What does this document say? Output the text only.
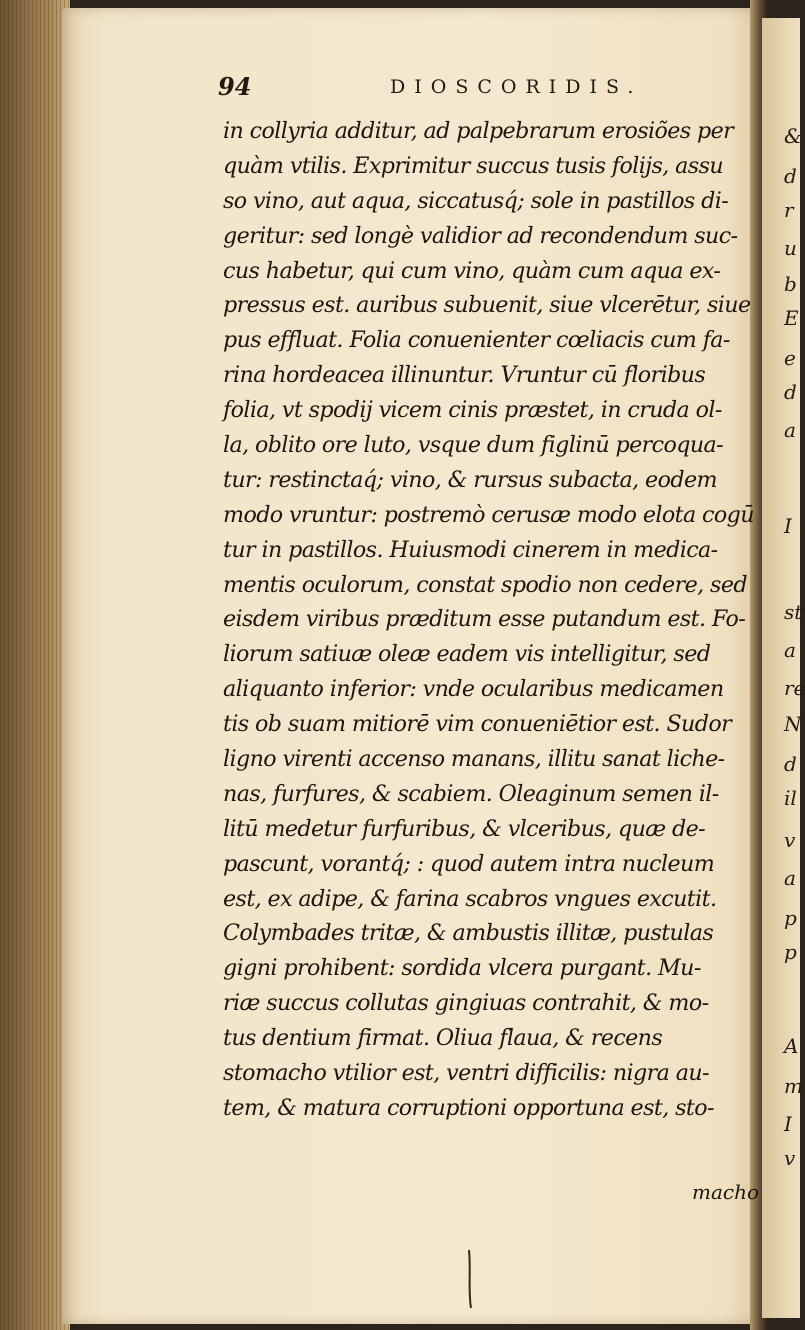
&
d
r
u
b
E
e
d
a
I
st
a
re
N
d
il
v
a
p
p
A
m
I
v
94	DIOSCORIDIS.
in collyria additur, ad palpebrarum erosiões per
quàm vtilis. Exprimitur succus tusis folijs, assu
so vino, aut aqua, siccatusq́; sole in pastillos di-
geritur: sed longè validior ad recondendum suc-
cus habetur, qui cum vino, quàm cum aqua ex-
pressus est. auribus subuenit, siue vlcerētur, siue
pus effluat. Folia conuenienter cœliacis cum fa-
rina hordeacea illinuntur. Vruntur cū floribus
folia, vt spodij vicem cinis præstet, in cruda ol-
la, oblito ore luto, vsque dum figlinū percoqua-
tur: restinctaq́; vino, & rursus subacta, eodem
modo vruntur: postremò cerusæ modo elota cogū
tur in pastillos. Huiusmodi cinerem in medica-
mentis oculorum, constat spodio non cedere, sed
eisdem viribus præditum esse putandum est. Fo-
liorum satiuæ oleæ eadem vis intelligitur, sed
aliquanto inferior: vnde ocularibus medicamen
tis ob suam mitiorē vim conueniētior est. Sudor
ligno virenti accenso manans, illitu sanat liche-
nas, furfures, & scabiem. Oleaginum semen il-
litū medetur furfuribus, & vlceribus, quæ de-
pascunt, vorantq́; : quod autem intra nucleum
est, ex adipe, & farina scabros vngues excutit.
Colymbades tritæ, & ambustis illitæ, pustulas
gigni prohibent: sordida vlcera purgant. Mu-
riæ succus collutas gingiuas contrahit, & mo-
tus dentium firmat. Oliua flaua, & recens
stomacho vtilior est, ventri difficilis: nigra au-
tem, & matura corruptioni opportuna est, sto-
macho
